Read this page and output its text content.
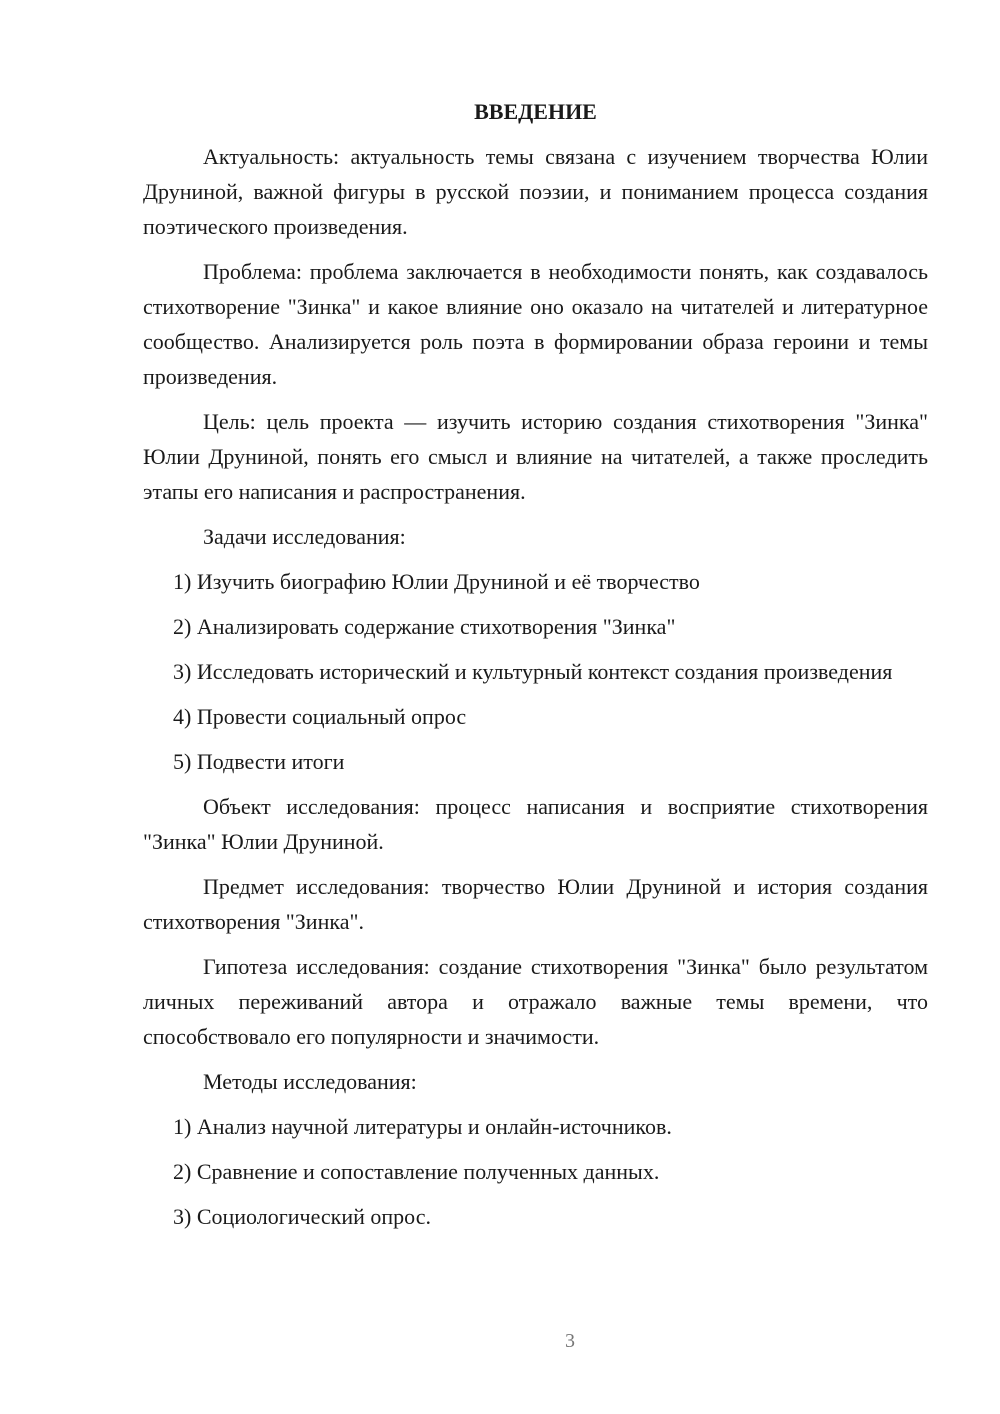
ВВЕДЕНИЕ

Актуальность: актуальность темы связана с изучением творчества Юлии Друниной, важной фигуры в русской поэзии, и пониманием процесса создания поэтического произведения.

Проблема: проблема заключается в необходимости понять, как создавалось стихотворение "Зинка" и какое влияние оно оказало на читателей и литературное сообщество. Анализируется роль поэта в формировании образа героини и темы произведения.

Цель: цель проекта — изучить историю создания стихотворения "Зинка" Юлии Друниной, понять его смысл и влияние на читателей, а также проследить этапы его написания и распространения.

Задачи исследования:

1) Изучить биографию Юлии Друниной и её творчество

2) Анализировать содержание стихотворения "Зинка"

3) Исследовать исторический и культурный контекст создания произведения

4) Провести социальный опрос

5) Подвести итоги

Объект исследования: процесс написания и восприятие стихотворения "Зинка" Юлии Друниной.

Предмет исследования: творчество Юлии Друниной и история создания стихотворения "Зинка".

Гипотеза исследования: создание стихотворения "Зинка" было результатом личных переживаний автора и отражало важные темы времени, что способствовало его популярности и значимости.

Методы исследования:

1) Анализ научной литературы и онлайн-источников.

2) Сравнение и сопоставление полученных данных.

3) Социологический опрос.

3
